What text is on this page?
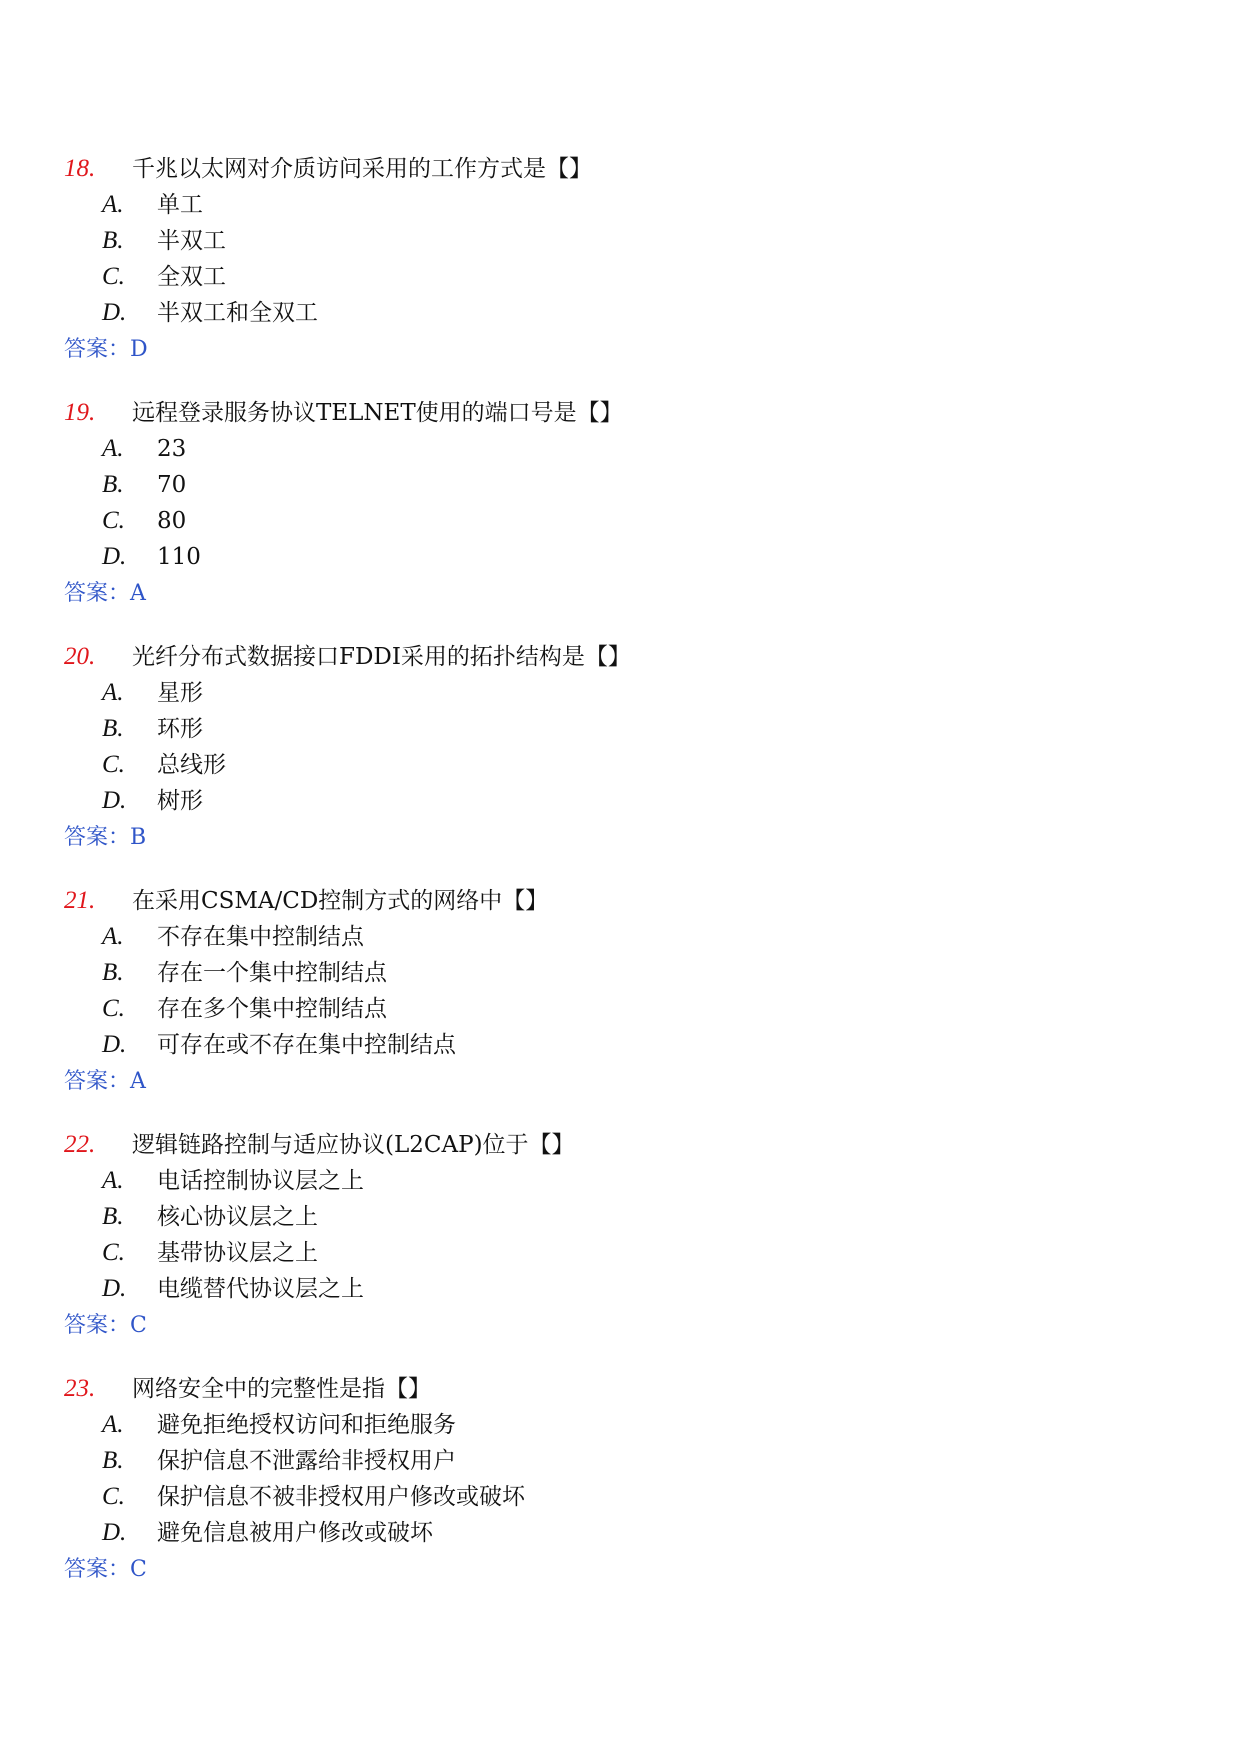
18. 千兆以太网对介质访问采用的工作方式是【】
A. 单工
B. 半双工
C. 全双工
D. 半双工和全双工
答案：D
19. 远程登录服务协议TELNET使用的端口号是【】
A. 23
B. 70
C. 80
D. 110
答案：A
20. 光纤分布式数据接口FDDI采用的拓扑结构是【】
A. 星形
B. 环形
C. 总线形
D. 树形
答案：B
21. 在采用CSMA/CD控制方式的网络中【】
A. 不存在集中控制结点
B. 存在一个集中控制结点
C. 存在多个集中控制结点
D. 可存在或不存在集中控制结点
答案：A
22. 逻辑链路控制与适应协议(L2CAP)位于【】
A. 电话控制协议层之上
B. 核心协议层之上
C. 基带协议层之上
D. 电缆替代协议层之上
答案：C
23. 网络安全中的完整性是指【】
A. 避免拒绝授权访问和拒绝服务
B. 保护信息不泄露给非授权用户
C. 保护信息不被非授权用户修改或破坏
D. 避免信息被用户修改或破坏
答案：C
